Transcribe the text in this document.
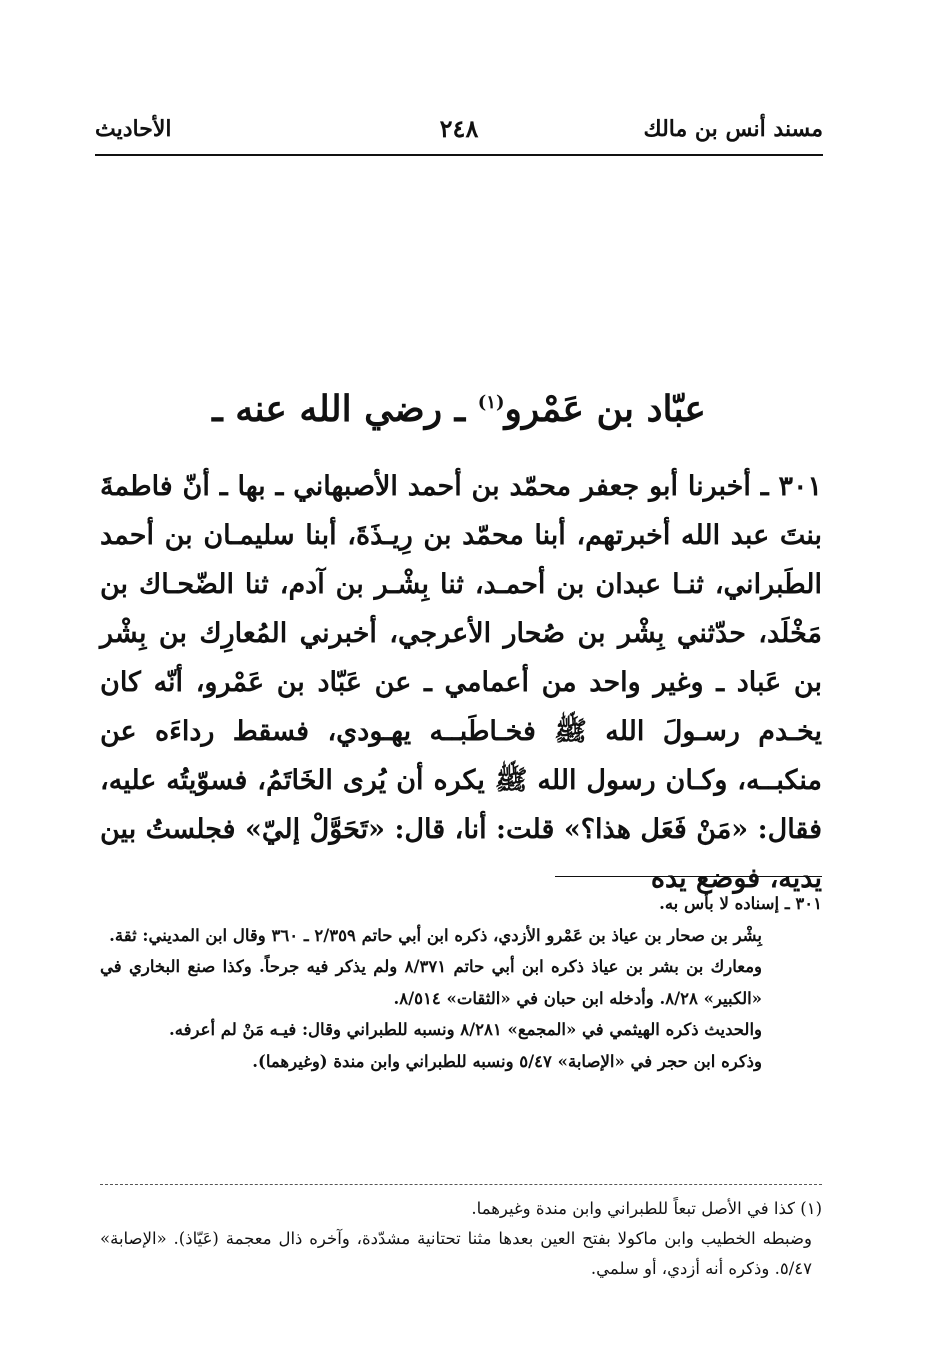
مسند أنس بن مالك
٢٤٨
الأحاديث
عبّاد بن عَمْرو$^{(١)}$ ـ رضي الله عنه ـ
٣٠١ ـ أخبرنا أبو جعفر محمّد بن أحمد الأصبهاني ـ بها ـ أنّ فاطمةَ بنتَ عبد الله أخبرتهم، أبنا محمّد بن رِيـذَةَ، أبنا سليمـان بن أحمد الطَبراني، ثنـا عبدان بن أحمـد، ثنا بِشْـر بن آدم، ثنا الضّحـاك بن مَخْلَد، حدّثني بِشْر بن صُحار الأعرجي، أخبرني المُعارِك بن بِشْر بن عَباد ـ وغير واحد من أعمامي ـ عن عَبّاد بن عَمْرو، أنّه كان يخـدم رسـولَ الله ﷺ فخـاطَبــه يهـودي، فسقط رداءَه عن منكبــه، وكـان رسول الله ﷺ يكره أن يُرى الخَاتَمُ، فسوّيتُه عليه، فقال: «مَنْ فَعَل هذا؟» قلت: أنا، قال: «تَحَوَّلْ إليّ» فجلستُ بين يديه، فوضع يده

٣٠١ ـ إسناده لا بأس به.

بِشْر بن صحار بن عياذ بن عَمْرو الأزدي، ذكره ابن أبي حاتم ٢/٣٥٩ ـ ٣٦٠ وقال ابن المديني: ثقة.

ومعارك بن بشر بن عياذ ذكره ابن أبي حاتم ٨/٣٧١ ولم يذكر فيه جرحاً. وكذا صنع البخاري في «الكبير» ٨/٢٨. وأدخله ابن حبان في «الثقات» ٨/٥١٤.

والحديث ذكره الهيثمي في «المجمع» ٨/٢٨١ ونسبه للطبراني وقال: فيـه مَنْ لم أعرفه.

وذكره ابن حجر في «الإصابة» ٥/٤٧ ونسبه للطبراني وابن مندة (وغيرهما).

(١) كذا في الأصل تبعاً للطبراني وابن مندة وغيرهما.

وضبطه الخطيب وابن ماكولا بفتح العين بعدها مثنا تحتانية مشدّدة، وآخره ذال معجمة (عَيّاذ). «الإصابة» ٥/٤٧. وذكره أنه أزدي، أو سلمي.
